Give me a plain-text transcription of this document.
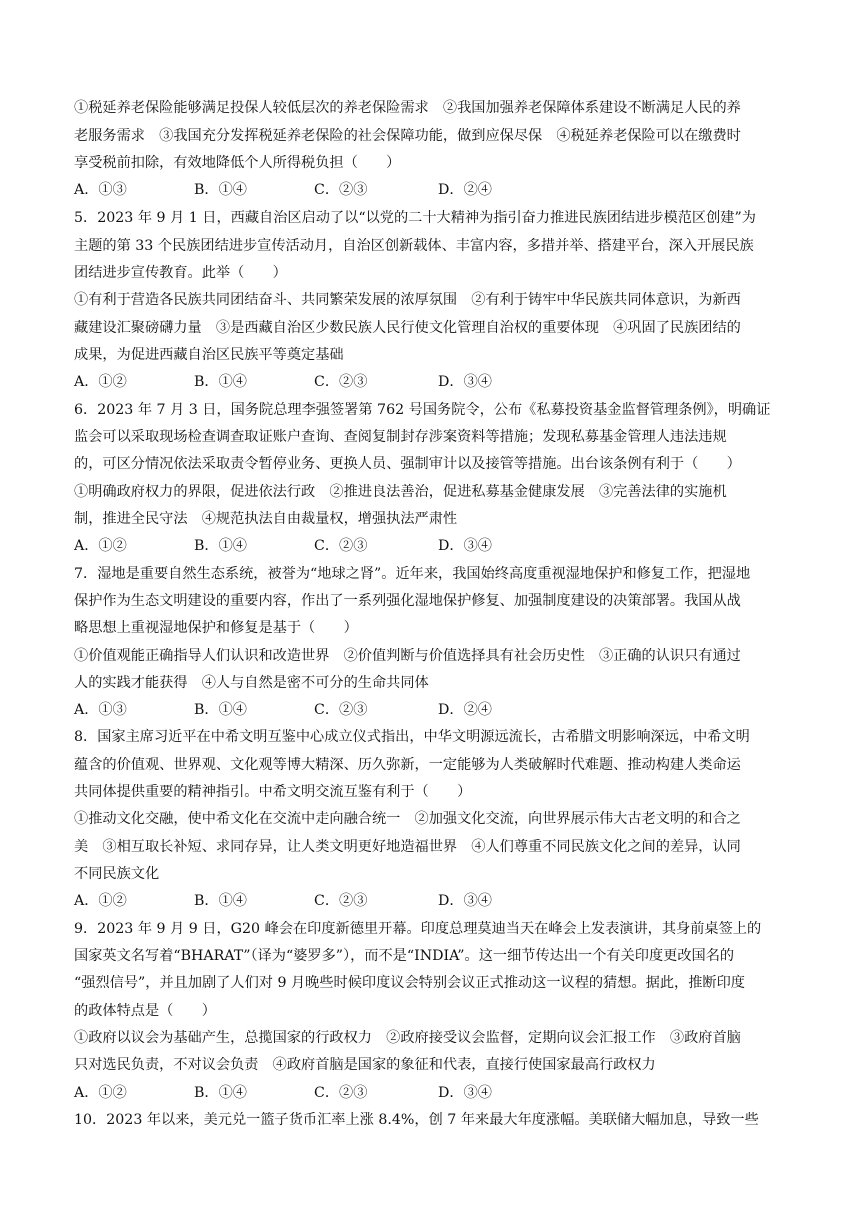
①税延养老保险能够满足投保人较低层次的养老保险需求　②我国加强养老保障体系建设不断满足人民的养
老服务需求　③我国充分发挥税延养老保险的社会保障功能，做到应保尽保　④税延养老保险可以在缴费时
享受税前扣除，有效地降低个人所得税负担（　　）
A．①③	B．①④	C．②③	D．②④
5．2023 年 9 月 1 日，西藏自治区启动了以“以党的二十大精神为指引奋力推进民族团结进步模范区创建”为
主题的第 33 个民族团结进步宣传活动月，自治区创新载体、丰富内容，多措并举、搭建平台，深入开展民族
团结进步宣传教育。此举（　　）
①有利于营造各民族共同团结奋斗、共同繁荣发展的浓厚氛围　②有利于铸牢中华民族共同体意识，为新西
藏建设汇聚磅礴力量　③是西藏自治区少数民族人民行使文化管理自治权的重要体现　④巩固了民族团结的
成果，为促进西藏自治区民族平等奠定基础
A．①②	B．①④	C．②③	D．③④
6．2023 年 7 月 3 日，国务院总理李强签署第 762 号国务院令，公布《私募投资基金监督管理条例》，明确证
监会可以采取现场检查调查取证账户查询、查阅复制封存涉案资料等措施；发现私募基金管理人违法违规
的，可区分情况依法采取责令暂停业务、更换人员、强制审计以及接管等措施。出台该条例有利于（　　）
①明确政府权力的界限，促进依法行政　②推进良法善治，促进私募基金健康发展　③完善法律的实施机
制，推进全民守法　④规范执法自由裁量权，增强执法严肃性
A．①②	B．①④	C．②③	D．③④
7．湿地是重要自然生态系统，被誉为“地球之肾”。近年来，我国始终高度重视湿地保护和修复工作，把湿地
保护作为生态文明建设的重要内容，作出了一系列强化湿地保护修复、加强制度建设的决策部署。我国从战
略思想上重视湿地保护和修复是基于（　　）
①价值观能正确指导人们认识和改造世界　②价值判断与价值选择具有社会历史性　③正确的认识只有通过
人的实践才能获得　④人与自然是密不可分的生命共同体
A．①③	B．①④	C．②③	D．②④
8．国家主席习近平在中希文明互鉴中心成立仪式指出，中华文明源远流长，古希腊文明影响深远，中希文明
蕴含的价值观、世界观、文化观等博大精深、历久弥新，一定能够为人类破解时代难题、推动构建人类命运
共同体提供重要的精神指引。中希文明交流互鉴有利于（　　）
①推动文化交融，使中希文化在交流中走向融合统一　②加强文化交流，向世界展示伟大古老文明的和合之
美　③相互取长补短、求同存异，让人类文明更好地造福世界　④人们尊重不同民族文化之间的差异，认同
不同民族文化
A．①②	B．①④	C．②③	D．③④
9．2023 年 9 月 9 日，G20 峰会在印度新德里开幕。印度总理莫迪当天在峰会上发表演讲，其身前桌签上的
国家英文名写着“BHARAT”（译为“婆罗多”），而不是“INDIA”。这一细节传达出一个有关印度更改国名的
“强烈信号”，并且加剧了人们对 9 月晚些时候印度议会特别会议正式推动这一议程的猜想。据此，推断印度
的政体特点是（　　）
①政府以议会为基础产生，总揽国家的行政权力　②政府接受议会监督，定期向议会汇报工作　③政府首脑
只对选民负责，不对议会负责　④政府首脑是国家的象征和代表，直接行使国家最高行政权力
A．①②	B．①④	C．②③	D．③④
10．2023 年以来，美元兑一篮子货币汇率上涨 8.4%，创 7 年来最大年度涨幅。美联储大幅加息，导致一些
